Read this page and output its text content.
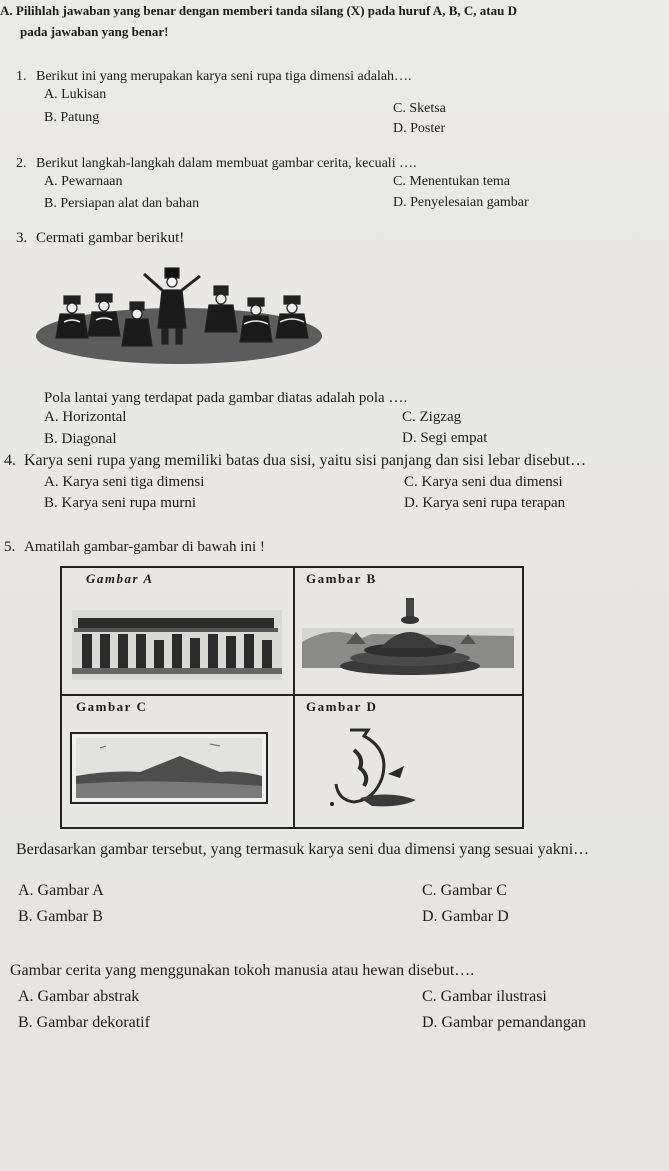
A. Pilihlah jawaban yang benar dengan memberi tanda silang (X) pada huruf A, B, C, atau D
pada jawaban yang benar!
1. Berikut ini yang merupakan karya seni rupa tiga dimensi adalah….
A. Lukisan
B. Patung
C. Sketsa
D. Poster
2. Berikut langkah-langkah dalam membuat gambar cerita, kecuali ….
A. Pewarnaan
B. Persiapan alat dan bahan
C. Menentukan tema
D. Penyelesaian gambar
3. Cermati gambar berikut!
Pola lantai yang terdapat pada gambar diatas adalah pola ….
A. Horizontal
B. Diagonal
C. Zigzag
D. Segi empat
4. Karya seni rupa yang memiliki batas dua sisi, yaitu sisi panjang dan sisi lebar disebut…
A. Karya seni tiga dimensi
B. Karya seni rupa murni
C. Karya seni dua dimensi
D. Karya seni rupa terapan
5. Amatilah gambar-gambar di bawah ini !
Gambar A	Gambar B
Gambar C	Gambar D
Berdasarkan gambar tersebut, yang termasuk karya seni dua dimensi yang sesuai yakni…
A. Gambar A
B. Gambar B
C. Gambar C
D. Gambar D
Gambar cerita yang menggunakan tokoh manusia atau hewan disebut….
A. Gambar abstrak
B. Gambar dekoratif
C. Gambar ilustrasi
D. Gambar pemandangan
